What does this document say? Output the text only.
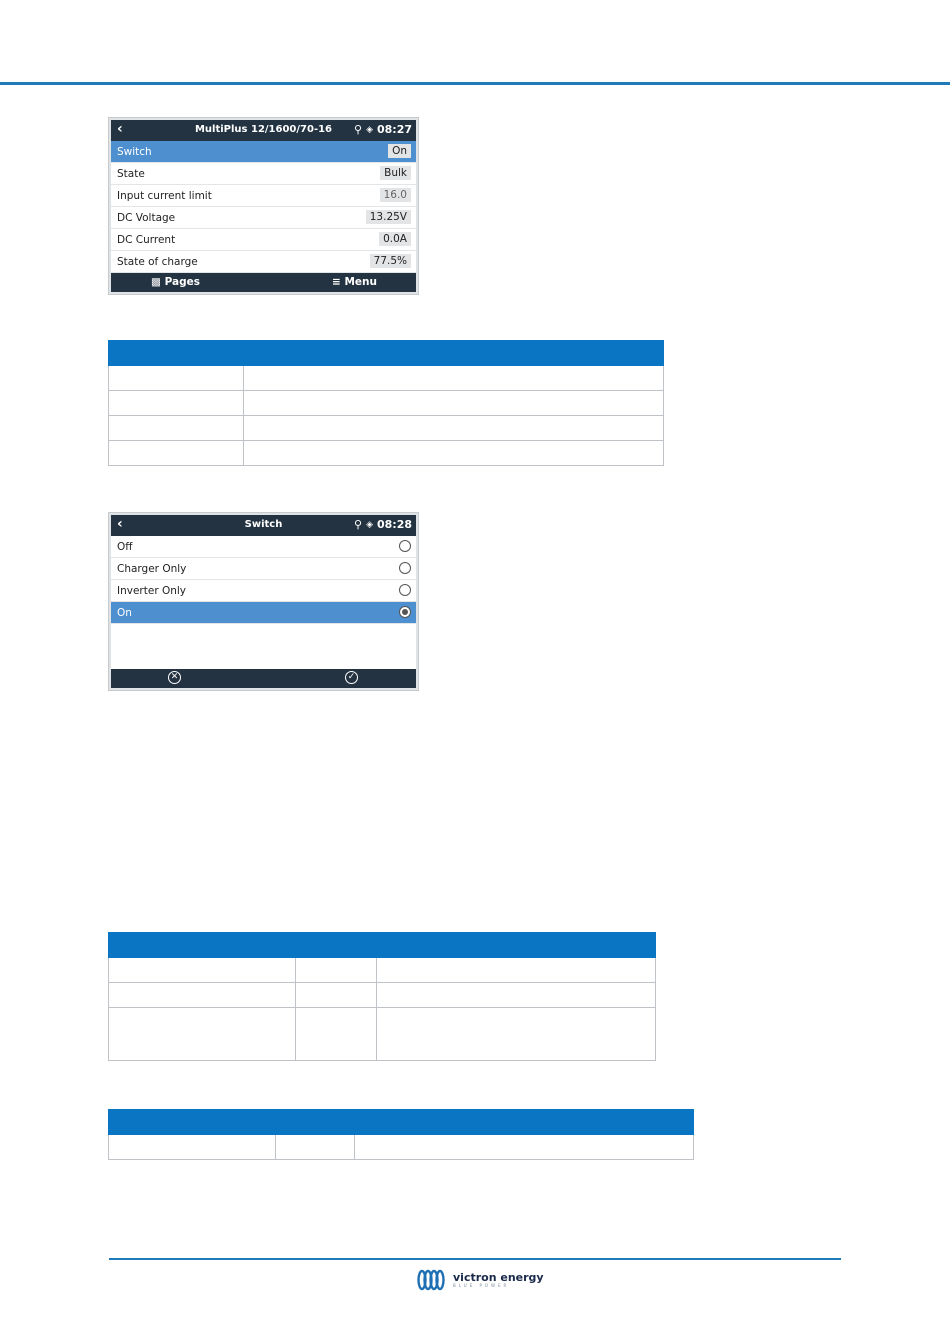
‹	MultiPlus 12/1600/70-16	⚲ ◈ 08:27
Switch	On
State	Bulk
Input current limit	16.0
DC Voltage	13.25V
DC Current	0.0A
State of charge	77.5%
▩ Pages	≡ Menu

‹	Switch	⚲ ◈ 08:28
Off
Charger Only
Inverter Only
On
✕	✓

victron energy
BLUE POWER
